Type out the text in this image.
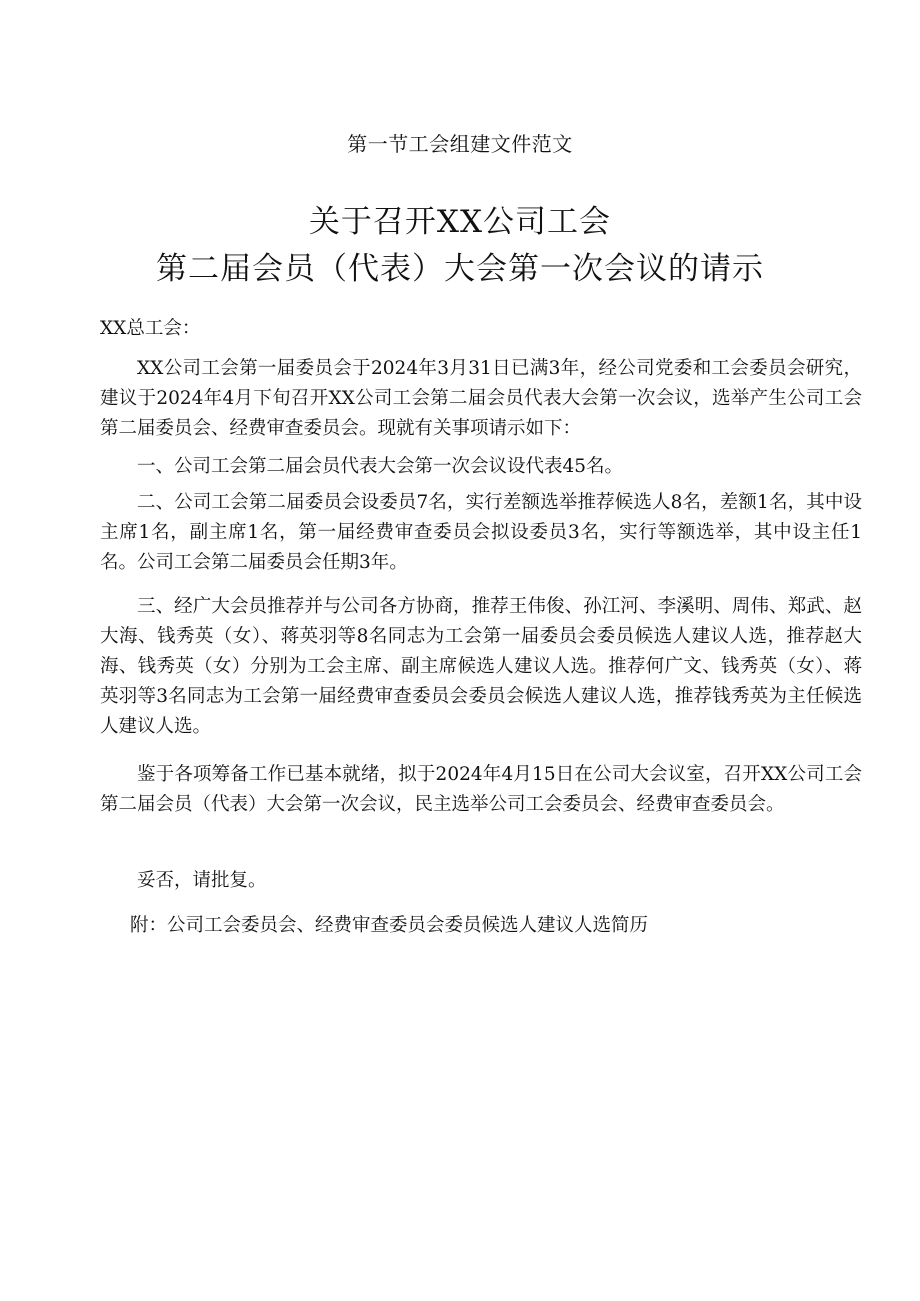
第一节工会组建文件范文
关于召开XX公司工会
第二届会员（代表）大会第一次会议的请示
XX总工会：
XX公司工会第一届委员会于2024年3月31日已满3年，经公司党委和工会委员会研究，建议于2024年4月下旬召开XX公司工会第二届会员代表大会第一次会议，选举产生公司工会第二届委员会、经费审查委员会。现就有关事项请示如下：
一、公司工会第二届会员代表大会第一次会议设代表45名。
二、公司工会第二届委员会设委员7名，实行差额选举推荐候选人8名，差额1名，其中设主席1名，副主席1名，第一届经费审查委员会拟设委员3名，实行等额选举，其中设主任1名。公司工会第二届委员会任期3年。
三、经广大会员推荐并与公司各方协商，推荐王伟俊、孙江河、李溪明、周伟、郑武、赵大海、钱秀英（女）、蒋英羽等8名同志为工会第一届委员会委员候选人建议人选，推荐赵大海、钱秀英（女）分别为工会主席、副主席候选人建议人选。推荐何广文、钱秀英（女）、蒋英羽等3名同志为工会第一届经费审查委员会委员会候选人建议人选，推荐钱秀英为主任候选人建议人选。
鉴于各项筹备工作已基本就绪，拟于2024年4月15日在公司大会议室，召开XX公司工会第二届会员（代表）大会第一次会议，民主选举公司工会委员会、经费审查委员会。
妥否，请批复。
附：公司工会委员会、经费审查委员会委员候选人建议人选简历
